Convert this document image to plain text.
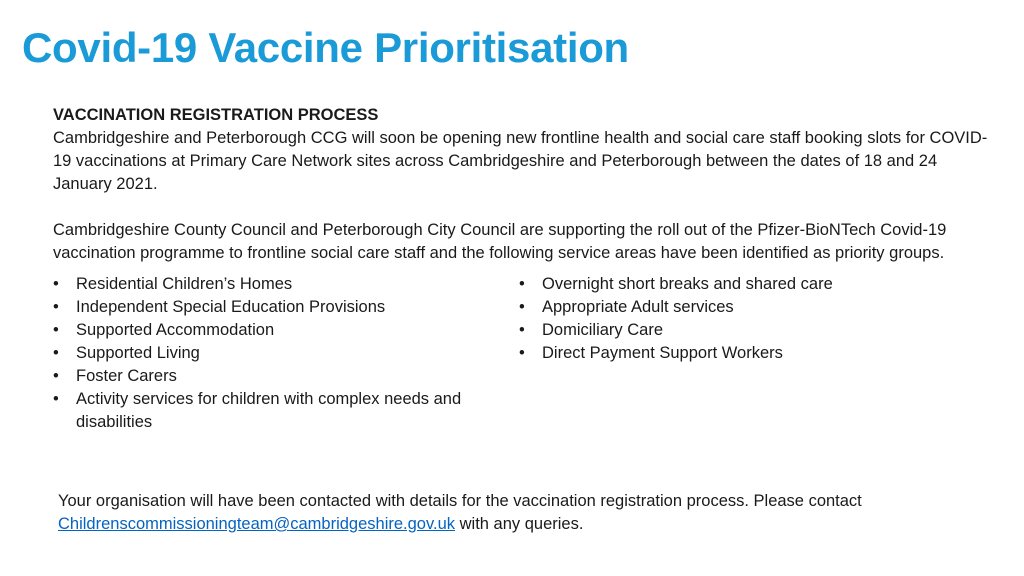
Covid-19 Vaccine Prioritisation

VACCINATION REGISTRATION PROCESS

Cambridgeshire and Peterborough CCG will soon be opening new frontline health and social care staff booking slots for COVID-19 vaccinations at Primary Care Network sites across Cambridgeshire and Peterborough between the dates of 18 and 24 January 2021.

Cambridgeshire County Council and Peterborough City Council are supporting the roll out of the Pfizer-BioNTech Covid-19 vaccination programme to frontline social care staff and the following service areas have been identified as priority groups.

• Residential Children’s Homes
• Independent Special Education Provisions
• Supported Accommodation
• Supported Living
• Foster Carers
• Activity services for children with complex needs and disabilities
• Overnight short breaks and shared care
• Appropriate Adult services
• Domiciliary Care
• Direct Payment Support Workers

Your organisation will have been contacted with details for the vaccination registration process. Please contact Childrenscommissioningteam@cambridgeshire.gov.uk with any queries.
